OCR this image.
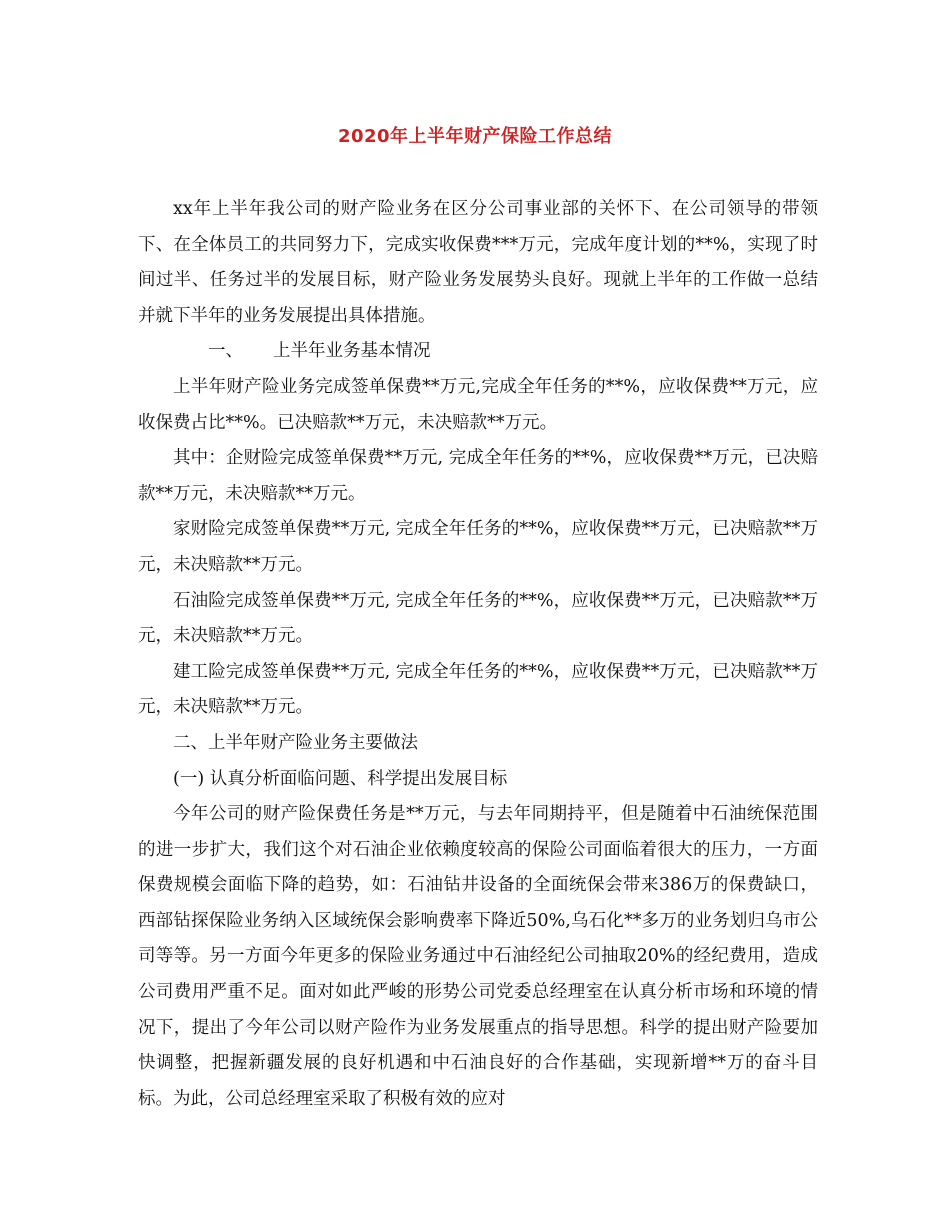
2020年上半年财产保险工作总结

xx年上半年我公司的财产险业务在区分公司事业部的关怀下、在公司领导的带领下、在全体员工的共同努力下，完成实收保费***万元，完成年度计划的**%，实现了时间过半、任务过半的发展目标，财产险业务发展势头良好。现就上半年的工作做一总结并就下半年的业务发展提出具体措施。

一、 上半年业务基本情况

上半年财产险业务完成签单保费**万元,完成全年任务的**%，应收保费**万元，应收保费占比**%。已决赔款**万元，未决赔款**万元。

其中：企财险完成签单保费**万元, 完成全年任务的**%，应收保费**万元，已决赔款**万元，未决赔款**万元。

家财险完成签单保费**万元, 完成全年任务的**%，应收保费**万元，已决赔款**万元，未决赔款**万元。

石油险完成签单保费**万元, 完成全年任务的**%，应收保费**万元，已决赔款**万元，未决赔款**万元。

建工险完成签单保费**万元, 完成全年任务的**%，应收保费**万元，已决赔款**万元，未决赔款**万元。

二、上半年财产险业务主要做法

(一) 认真分析面临问题、科学提出发展目标

今年公司的财产险保费任务是**万元，与去年同期持平，但是随着中石油统保范围的进一步扩大，我们这个对石油企业依赖度较高的保险公司面临着很大的压力，一方面保费规模会面临下降的趋势，如：石油钻井设备的全面统保会带来386万的保费缺口，西部钻探保险业务纳入区域统保会影响费率下降近50%,乌石化**多万的业务划归乌市公司等等。另一方面今年更多的保险业务通过中石油经纪公司抽取20%的经纪费用，造成公司费用严重不足。面对如此严峻的形势公司党委总经理室在认真分析市场和环境的情况下，提出了今年公司以财产险作为业务发展重点的指导思想。科学的提出财产险要加快调整，把握新疆发展的良好机遇和中石油良好的合作基础，实现新增**万的奋斗目标。为此，公司总经理室采取了积极有效的应对
